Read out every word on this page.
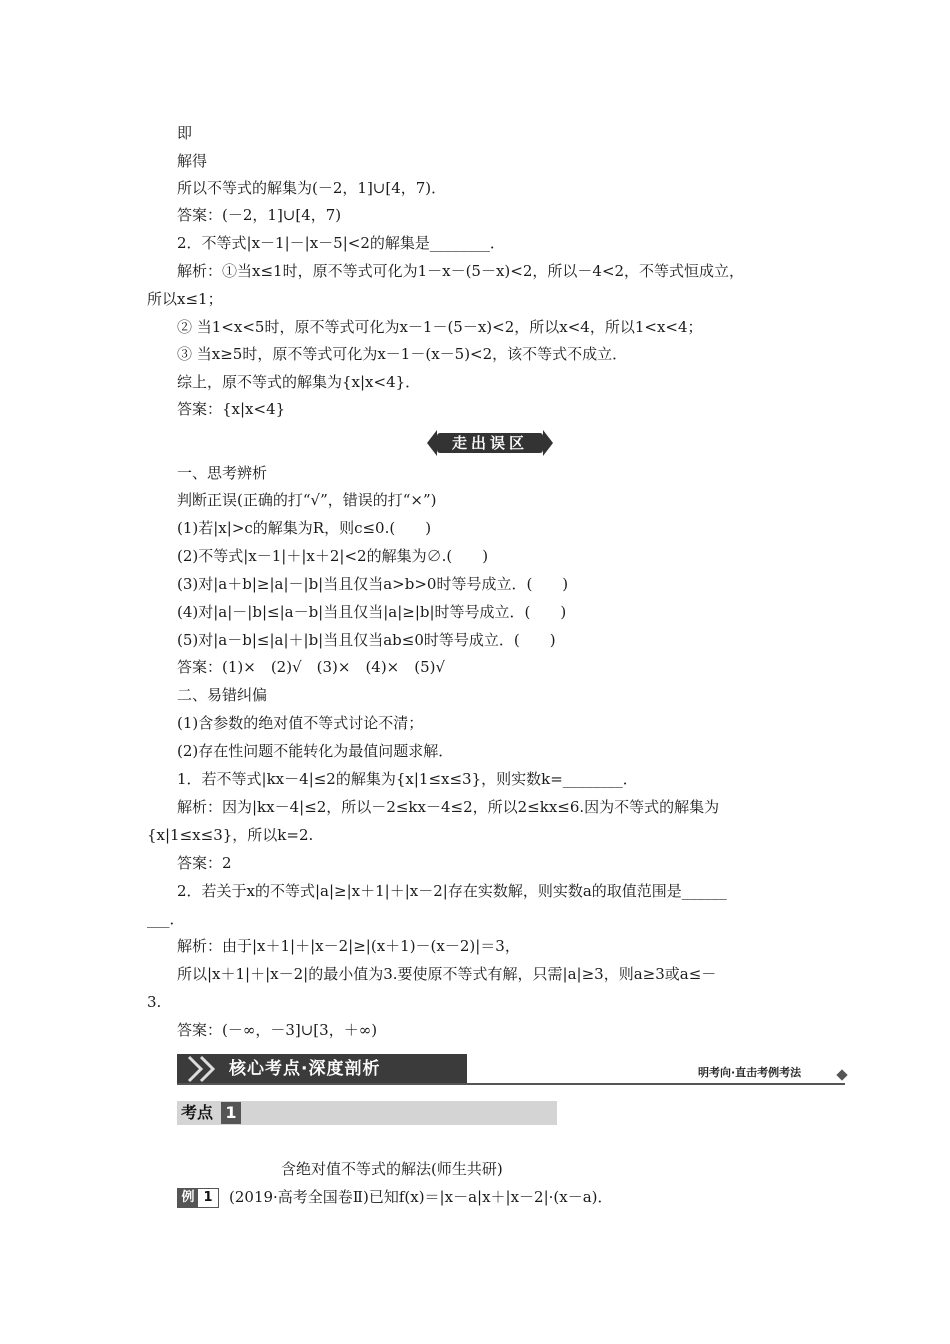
即
解得
所以不等式的解集为(－2，1]∪[4，7)．
答案：(－2，1]∪[4，7)
2．不等式|x－1|－|x－5|<2的解集是________．
解析：①当x≤1时，原不等式可化为1－x－(5－x)<2，所以－4<2，不等式恒成立，
所以x≤1；
② 当1<x<5时，原不等式可化为x－1－(5－x)<2，所以x<4，所以1<x<4；
③ 当x≥5时，原不等式可化为x－1－(x－5)<2，该不等式不成立．
综上，原不等式的解集为{x|x<4}．
答案：{x|x<4}
走出误区
一、思考辨析
判断正误(正确的打“√”，错误的打“×”)
(1)若|x|>c的解集为R，则c≤0.(　　)
(2)不等式|x－1|＋|x＋2|<2的解集为∅.(　　)
(3)对|a＋b|≥|a|－|b|当且仅当a>b>0时等号成立．(　　)
(4)对|a|－|b|≤|a－b|当且仅当|a|≥|b|时等号成立．(　　)
(5)对|a－b|≤|a|＋|b|当且仅当ab≤0时等号成立．(　　)
答案：(1)×　(2)√　(3)×　(4)×　(5)√
二、易错纠偏
(1)含参数的绝对值不等式讨论不清；
(2)存在性问题不能转化为最值问题求解．
1．若不等式|kx－4|≤2的解集为{x|1≤x≤3}，则实数k=________．
解析：因为|kx－4|≤2，所以－2≤kx－4≤2，所以2≤kx≤6.因为不等式的解集为
{x|1≤x≤3}，所以k=2.
答案：2
2．若关于x的不等式|a|≥|x＋1|＋|x－2|存在实数解，则实数a的取值范围是______
___．
解析：由于|x＋1|＋|x－2|≥|(x＋1)－(x－2)|＝3，
所以|x＋1|＋|x－2|的最小值为3.要使原不等式有解，只需|a|≥3，则a≥3或a≤－
3.
答案：(－∞，－3]∪[3，＋∞)
核心考点·深度剖析	明考向·直击考例考法
考点 1
含绝对值不等式的解法(师生共研)
例 1	(2019·高考全国卷Ⅱ)已知f(x)＝|x－a|x＋|x－2|·(x－a)．
